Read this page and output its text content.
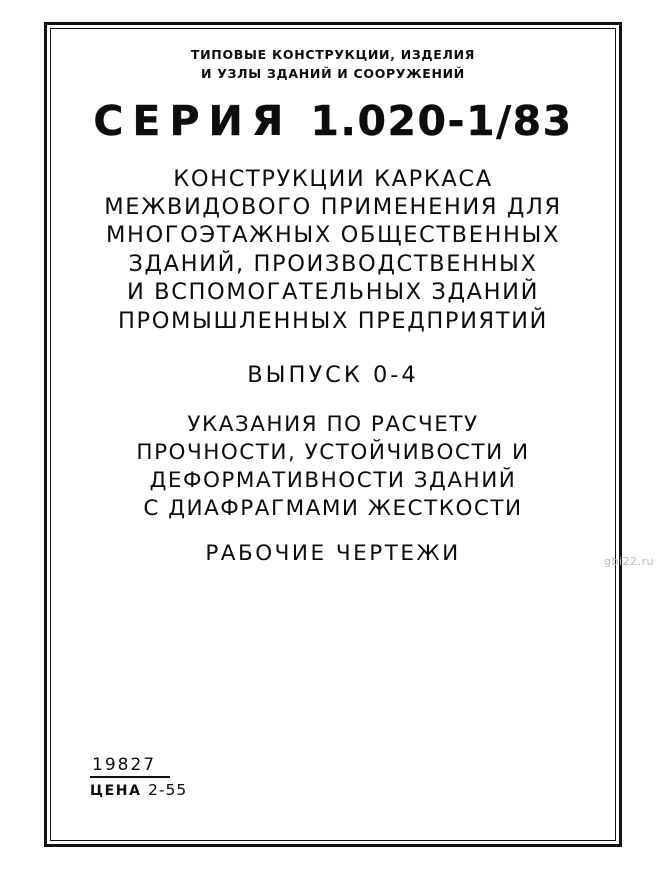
ТИПОВЫЕ КОНСТРУКЦИИ, ИЗДЕЛИЯ
И УЗЛЫ ЗДАНИЙ И СООРУЖЕНИЙ
СЕРИЯ 1.020-1/83
КОНСТРУКЦИИ КАРКАСА
МЕЖВИДОВОГО ПРИМЕНЕНИЯ ДЛЯ
МНОГОЭТАЖНЫХ ОБЩЕСТВЕННЫХ
ЗДАНИЙ, ПРОИЗВОДСТВЕННЫХ
И ВСПОМОГАТЕЛЬНЫХ ЗДАНИЙ
ПРОМЫШЛЕННЫХ ПРЕДПРИЯТИЙ
ВЫПУСК 0-4
УКАЗАНИЯ ПО РАСЧЕТУ
ПРОЧНОСТИ, УСТОЙЧИВОСТИ И
ДЕФОРМАТИВНОСТИ ЗДАНИЙ
С ДИАФРАГМАМИ ЖЕСТКОСТИ
РАБОЧИЕ ЧЕРТЕЖИ
19827
ЦЕНА 2-55
gbi22.ru
